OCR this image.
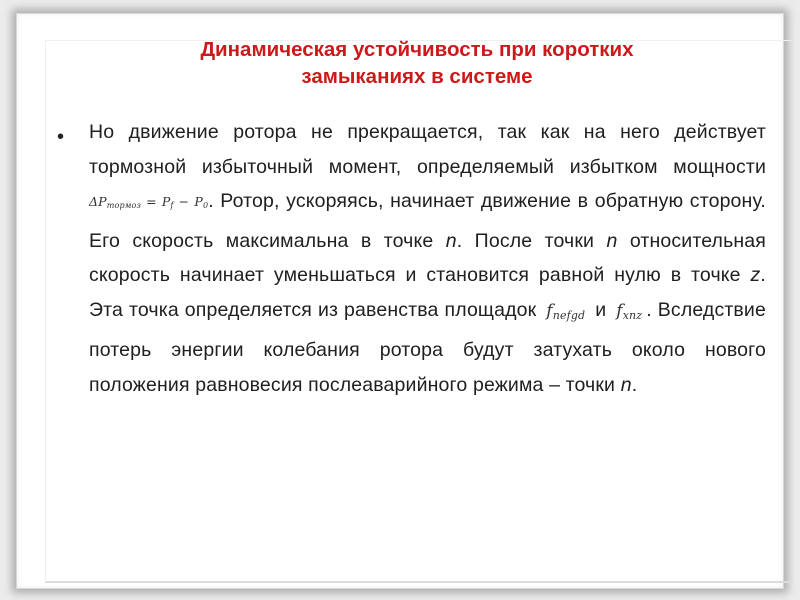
Динамическая устойчивость при коротких
замыканиях в системе
• Но движение ротора не прекращается, так как на него действует тормозной избыточный момент, определяемый избытком мощности $\Delta P_{тормоз} = P_f - P_0$. Ротор, ускоряясь, начинает движение в обратную сторону. Его скорость максимальна в точке n. После точки n относительная скорость начинает уменьшаться и становится равной нулю в точке z. Эта точка определяется из равенства площадок fnefgd и fxnz . Вследствие потерь энергии колебания ротора будут затухать около нового положения равновесия послеаварийного режима – точки n.
